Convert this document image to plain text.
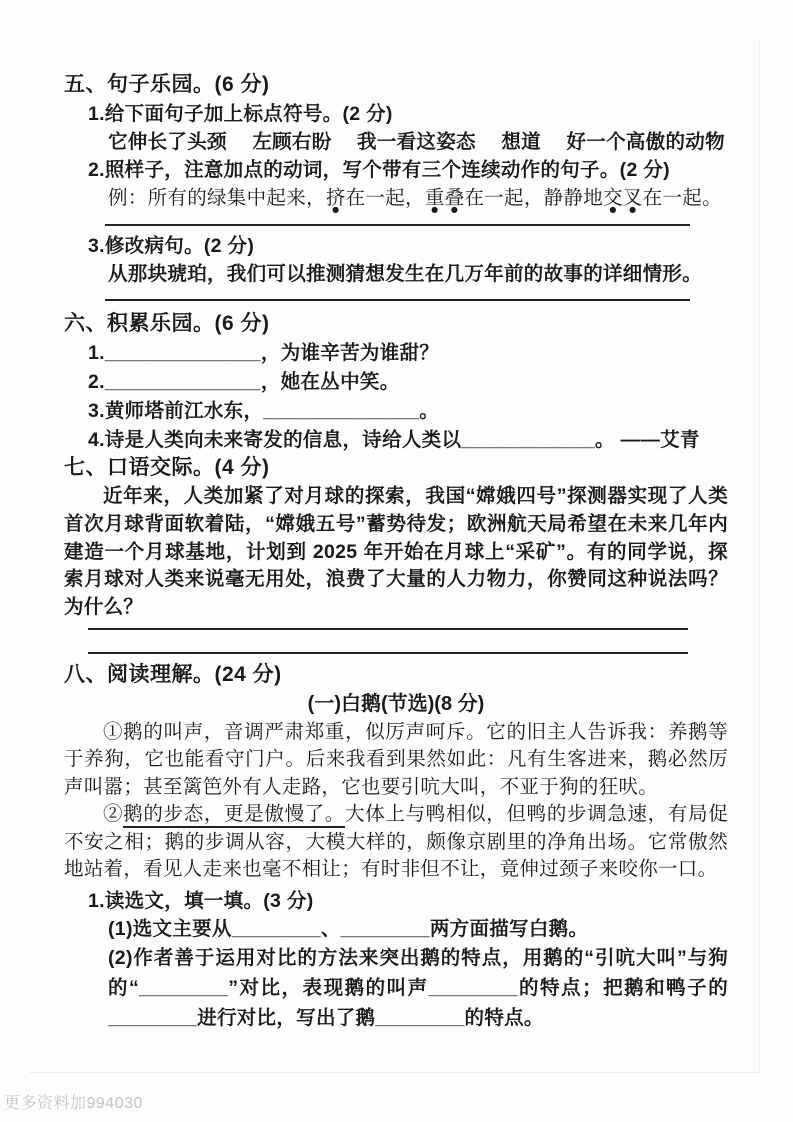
五、句子乐园。(6 分)
1.给下面句子加上标点符号。(2 分)
它伸长了头颈　 左顾右盼　 我一看这姿态　 想道　 好一个高傲的动物
2.照样子，注意加点的动词，写个带有三个连续动作的句子。(2 分)
例：所有的绿集中起来，挤 ●在一起，重 ●叠 ●在一起，静静地交 ●叉 ●在一起。
3.修改病句。(2 分)
从那块琥珀，我们可以推测猜想发生在几万年前的故事的详细情形。
六、积累乐园。(6 分)
1.______________，为谁辛苦为谁甜？
2.______________，她在丛中笑。
3.黄师塔前江水东，______________。
4.诗是人类向未来寄发的信息，诗给人类以____________。 ——艾青
七、口语交际。(4 分)
近年来，人类加紧了对月球的探索，我国“嫦娥四号”探测器实现了人类首次月球背面软着陆，“嫦娥五号”蓄势待发；欧洲航天局希望在未来几年内建造一个月球基地，计划到 2025 年开始在月球上“采矿”。有的同学说，探索月球对人类来说毫无用处，浪费了大量的人力物力，你赞同这种说法吗？ 为什么？
八、阅读理解。(24 分)
(一)白鹅(节选)(8 分)
①鹅的叫声，音调严肃郑重，似厉声呵斥。它的旧主人告诉我：养鹅等于养狗，它也能看守门户。后来我看到果然如此：凡有生客进来，鹅必然厉声叫嚣；甚至篱笆外有人走路，它也要引吭大叫，不亚于狗的狂吠。
②鹅的步态，更是傲慢了。大体上与鸭相似，但鸭的步调急速，有局促不安之相；鹅的步调从容，大模大样的，颇像京剧里的净角出场。它常傲然地站着，看见人走来也毫不相让；有时非但不让，竟伸过颈子来咬你一口。
1.读选文，填一填。(3 分)
(1)选文主要从________、________两方面描写白鹅。
(2)作者善于运用对比的方法来突出鹅的特点，用鹅的“引吭大叫”与狗的“________”对比，表现鹅的叫声________的特点；把鹅和鸭子的________进行对比，写出了鹅________的特点。
更多资料加994030
